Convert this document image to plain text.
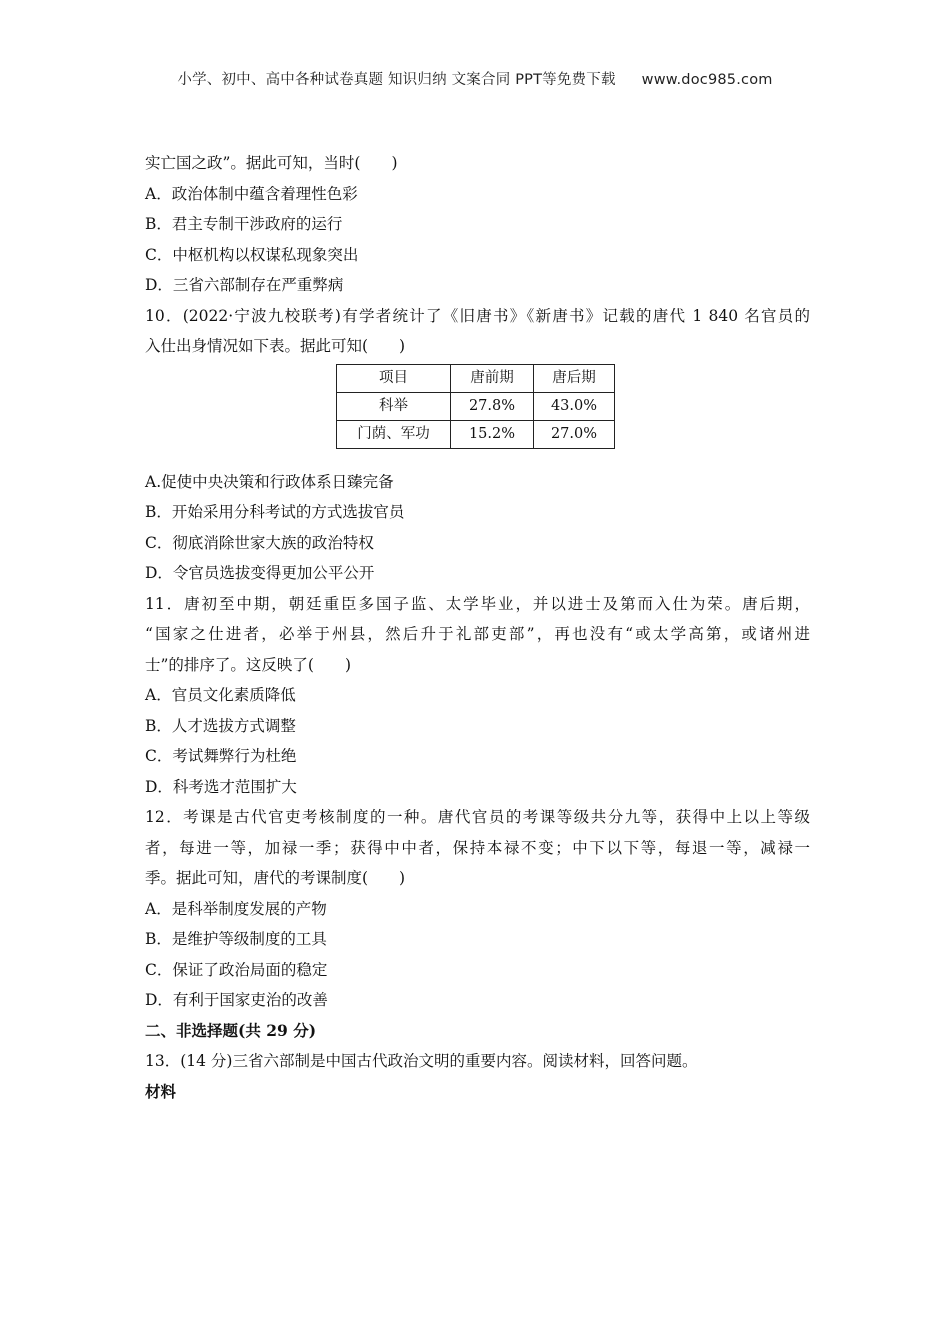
小学、初中、高中各种试卷真题 知识归纳 文案合同 PPT等免费下载 www.doc985.com
实亡国之政”。据此可知，当时(　　)
A．政治体制中蕴含着理性色彩
B．君主专制干涉政府的运行
C．中枢机构以权谋私现象突出
D．三省六部制存在严重弊病
10．(2022·宁波九校联考)有学者统计了《旧唐书》《新唐书》记载的唐代 1 840 名官员的
入仕出身情况如下表。据此可知(　　)
项目	唐前期	唐后期
科举	27.8%	43.0%
门荫、军功	15.2%	27.0%
A.促使中央决策和行政体系日臻完备
B．开始采用分科考试的方式选拔官员
C．彻底消除世家大族的政治特权
D．令官员选拔变得更加公平公开
11．唐初至中期，朝廷重臣多国子监、太学毕业，并以进士及第而入仕为荣。唐后期，
“国家之仕进者，必举于州县，然后升于礼部吏部”，再也没有“或太学高第，或诸州进
士”的排序了。这反映了(　　)
A．官员文化素质降低
B．人才选拔方式调整
C．考试舞弊行为杜绝
D．科考选才范围扩大
12．考课是古代官吏考核制度的一种。唐代官员的考课等级共分九等，获得中上以上等级
者，每进一等，加禄一季；获得中中者，保持本禄不变；中下以下等，每退一等，减禄一
季。据此可知，唐代的考课制度(　　)
A．是科举制度发展的产物
B．是维护等级制度的工具
C．保证了政治局面的稳定
D．有利于国家吏治的改善
二、非选择题(共 29 分)
13．(14 分)三省六部制是中国古代政治文明的重要内容。阅读材料，回答问题。
材料
